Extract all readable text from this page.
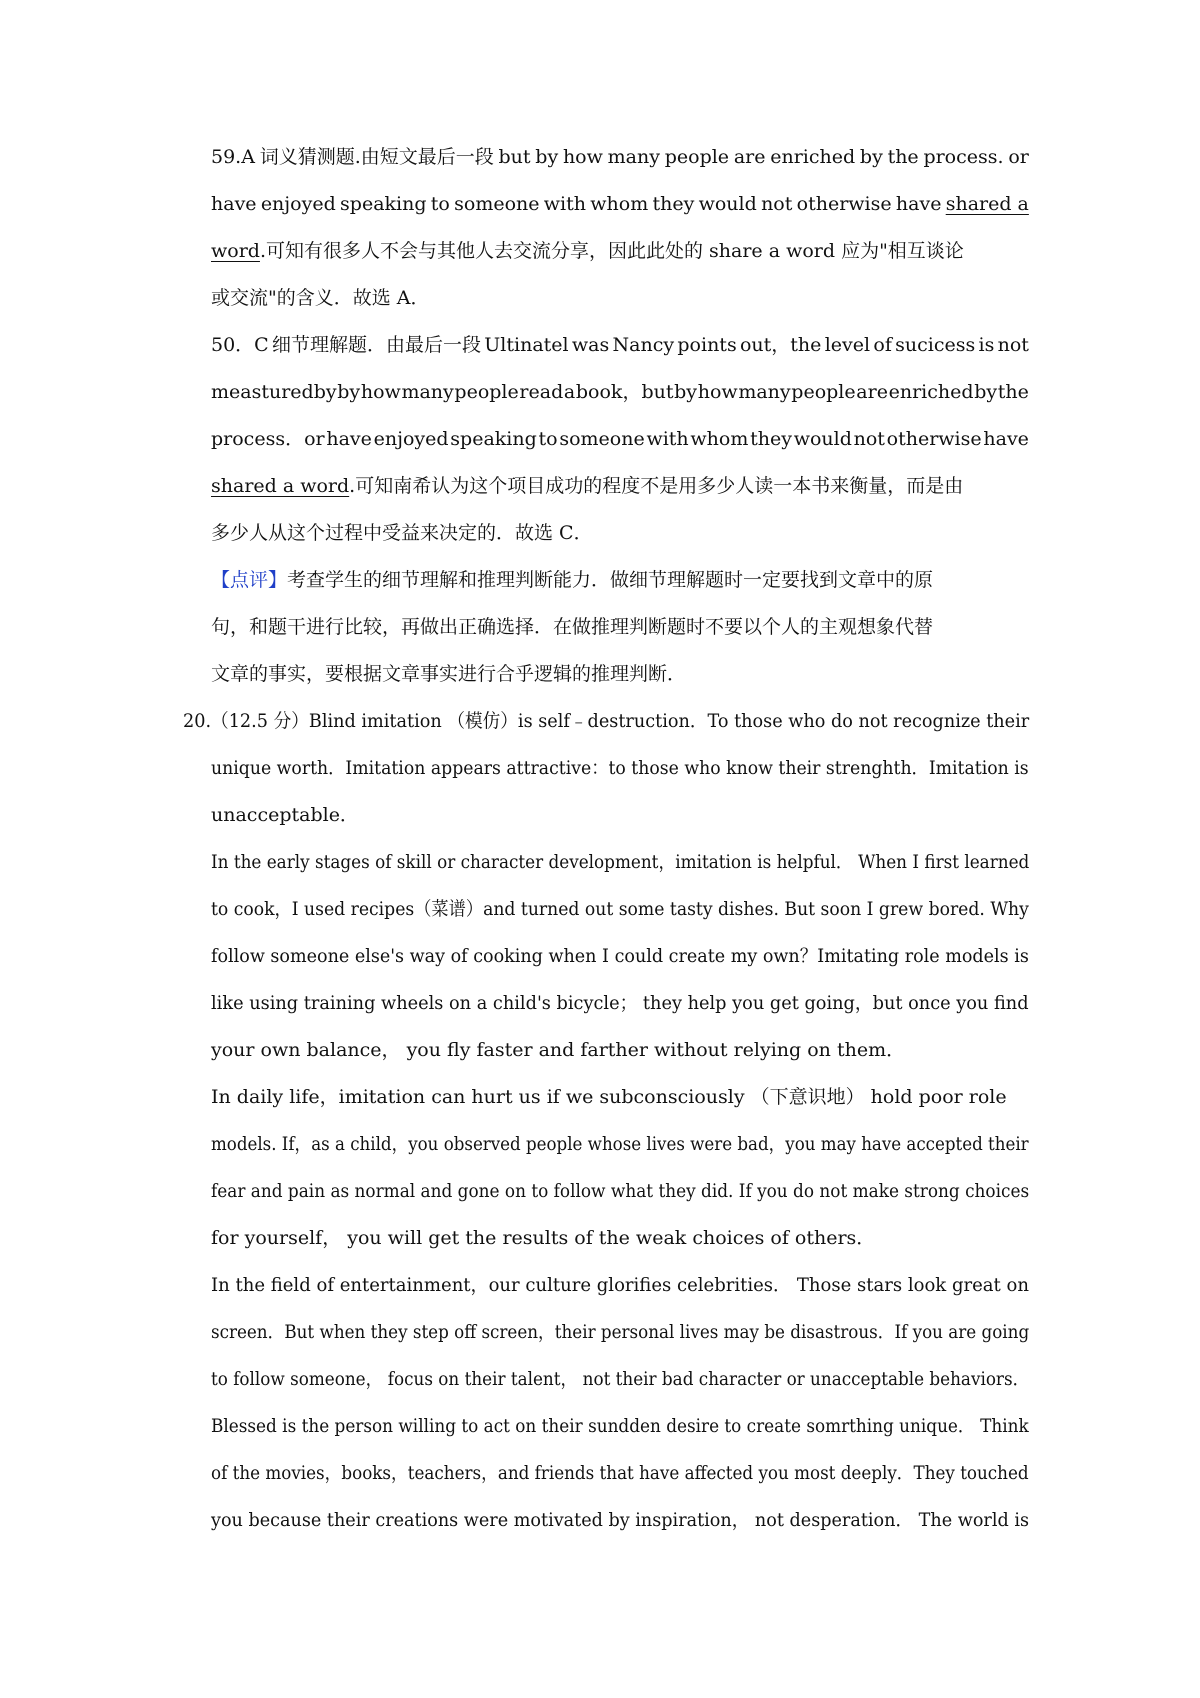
59.A 词义猜测题.由短文最后一段 but by how many people are enriched by the process. or
have enjoyed speaking to someone with whom they would not otherwise have shared a
word.可知有很多人不会与其他人去交流分享，因此此处的 share a word 应为"相互谈论
或交流"的含义．故选 A．
50．C 细节理解题．由最后一段 Ultinatel was Nancy points out，the level of sucicess is not
measturedby by how many people read a book，but by how many people are enriched by the
process．or have enjoyed speaking to someone with whom they would not otherwise have
shared a word.可知南希认为这个项目成功的程度不是用多少人读一本书来衡量，而是由
多少人从这个过程中受益来决定的．故选 C．
【点评】考查学生的细节理解和推理判断能力．做细节理解题时一定要找到文章中的原
句，和题干进行比较，再做出正确选择．在做推理判断题时不要以个人的主观想象代替
文章的事实，要根据文章事实进行合乎逻辑的推理判断．
20.（12.5 分）Blind imitation （模仿）is self﹣destruction．To those who do not recognize their
unique worth．Imitation appears attractive：to those who know their strenghth．Imitation is
unacceptable．
In the early stages of skill or character development，imitation is helpful． When I first learned
to cook，I used recipes（菜谱）and turned out some tasty dishes. But soon I grew bored. Why
follow someone else's way of cooking when I could create my own？Imitating role models is
like using training wheels on a child's bicycle； they help you get going，but once you find
your own balance， you fly faster and farther without relying on them．
In daily life，imitation can hurt us if we subconsciously （下意识地） hold poor role
models. If，as a child，you observed people whose lives were bad，you may have accepted their
fear and pain as normal and gone on to follow what they did. If you do not make strong choices
for yourself， you will get the results of the weak choices of others．
In the field of entertainment，our culture glorifies celebrities． Those stars look great on
screen．But when they step off screen，their personal lives may be disastrous．If you are going
to follow someone， focus on their talent， not their bad character or unacceptable behaviors．
Blessed is the person willing to act on their sundden desire to create somrthing unique． Think
of the movies，books，teachers，and friends that have affected you most deeply．They touched
you because their creations were motivated by inspiration， not desperation． The world is
